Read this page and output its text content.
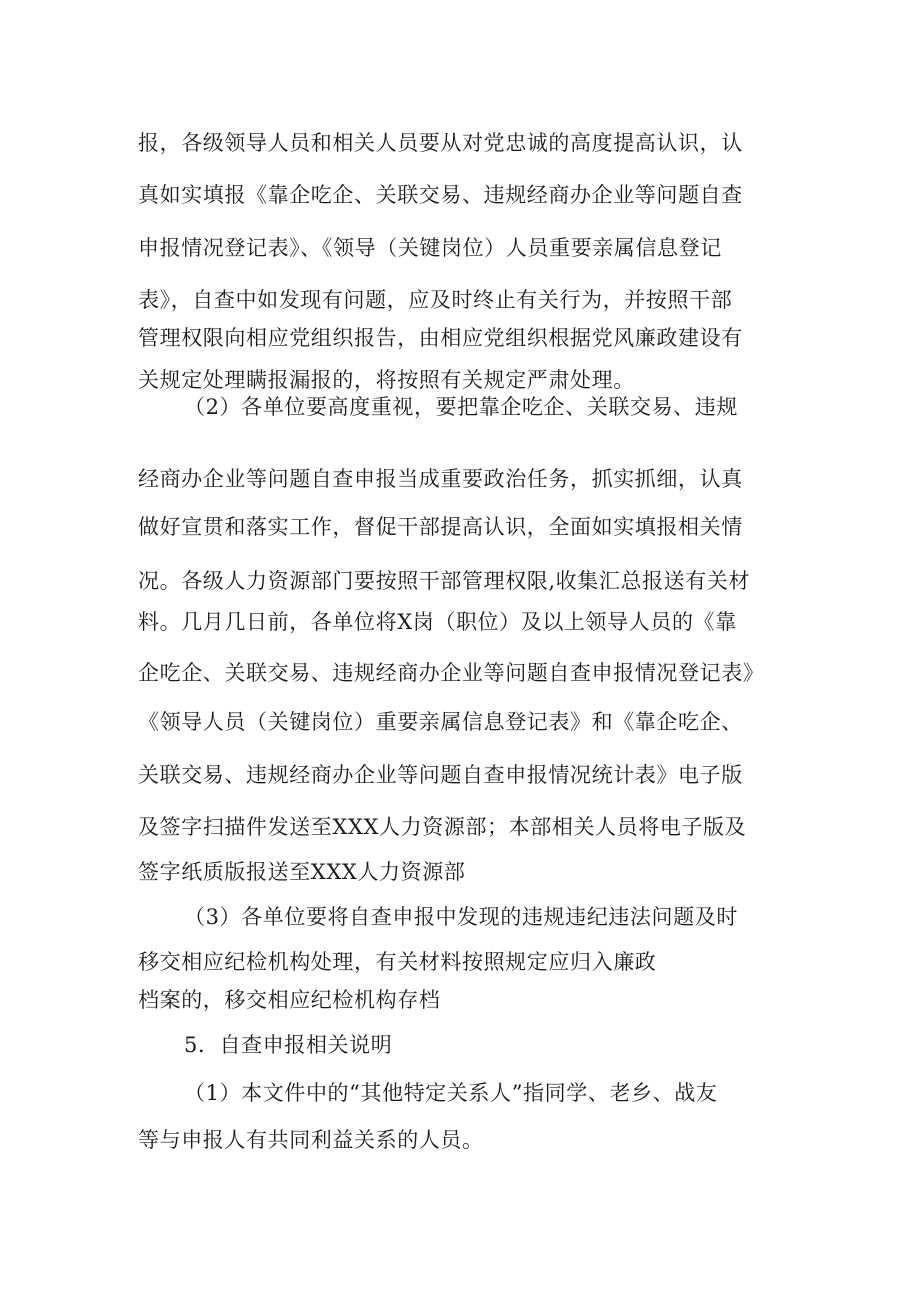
报，各级领导人员和相关人员要从对党忠诚的高度提高认识，认
真如实填报《靠企吃企、关联交易、违规经商办企业等问题自查
申报情况登记表》、《领导（关键岗位）人员重要亲属信息登记
表》，自查中如发现有问题，应及时终止有关行为，并按照干部
管理权限向相应党组织报告，由相应党组织根据党风廉政建设有
关规定处理瞒报漏报的，将按照有关规定严肃处理。
（2）各单位要高度重视，要把靠企吃企、关联交易、违规
经商办企业等问题自查申报当成重要政治任务，抓实抓细，认真
做好宣贯和落实工作，督促干部提高认识，全面如实填报相关情
况。各级人力资源部门要按照干部管理权限,收集汇总报送有关材
料。几月几日前，各单位将X岗（职位）及以上领导人员的《靠
企吃企、关联交易、违规经商办企业等问题自查申报情况登记表》
《领导人员（关键岗位）重要亲属信息登记表》和《靠企吃企、
关联交易、违规经商办企业等问题自查申报情况统计表》电子版
及签字扫描件发送至XXX人力资源部；本部相关人员将电子版及
签字纸质版报送至XXX人力资源部
（3）各单位要将自查申报中发现的违规违纪违法问题及时
移交相应纪检机构处理，有关材料按照规定应归入廉政
档案的，移交相应纪检机构存档
5．自查申报相关说明
（1）本文件中的“其他特定关系人”指同学、老乡、战友
等与申报人有共同利益关系的人员。
